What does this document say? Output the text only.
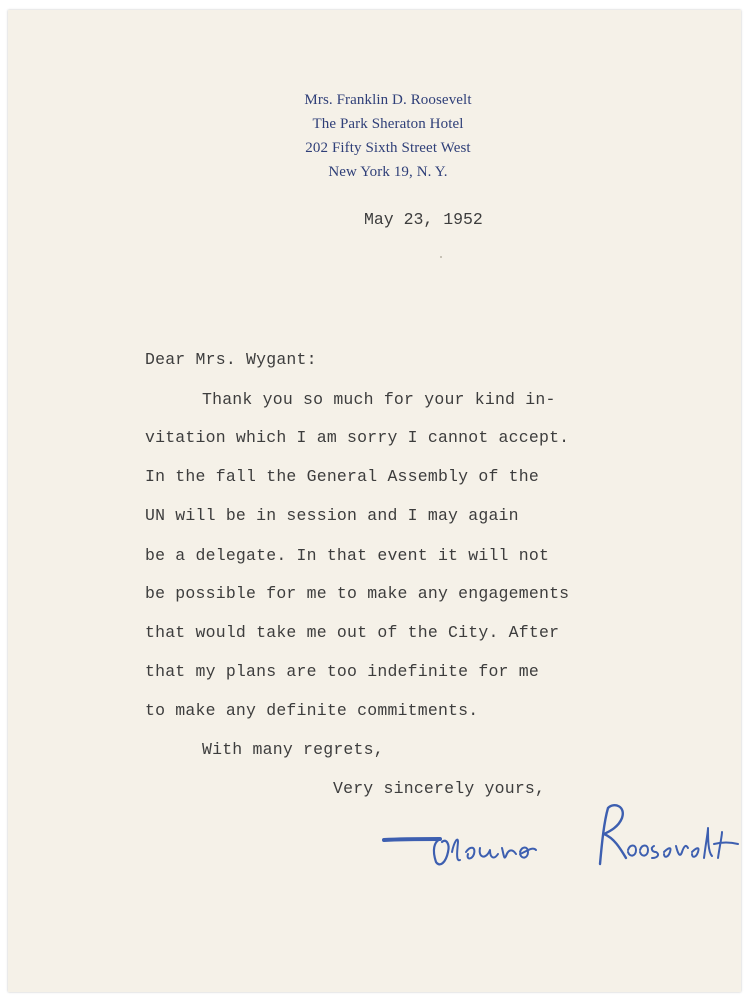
Mrs. Franklin D. Roosevelt
The Park Sheraton Hotel
202 Fifty Sixth Street West
New York 19, N. Y.
May 23, 1952
Dear Mrs. Wygant:
Thank you so much for your kind in-
vitation which I am sorry I cannot accept.
In the fall the General Assembly of the
UN will be in session and I may again
be a delegate. In that event it will not
be possible for me to make any engagements
that would take me out of the City. After
that my plans are too indefinite for me
to make any definite commitments.
With many regrets,
Very sincerely yours,
